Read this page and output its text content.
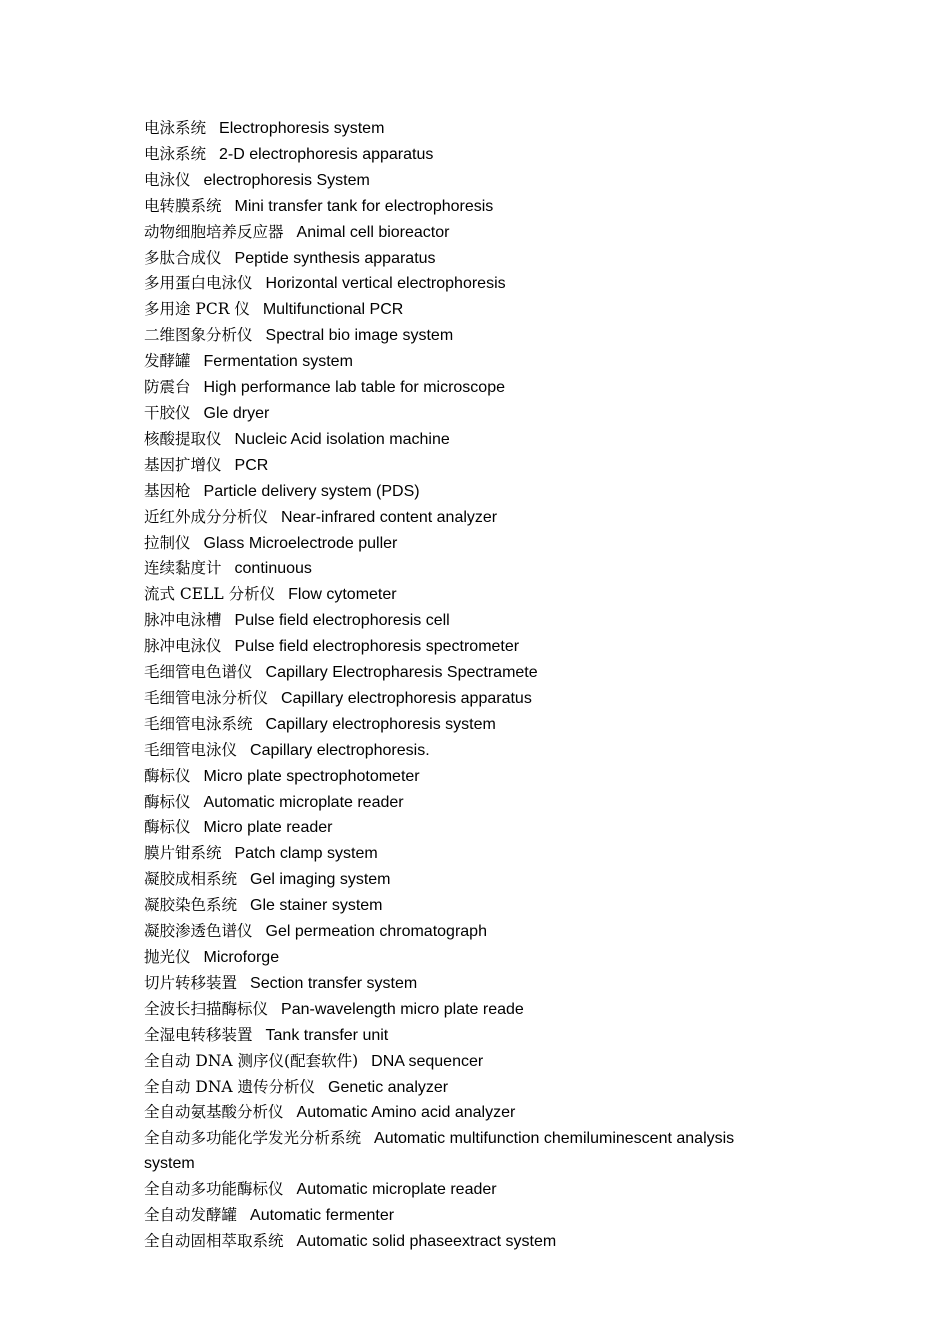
电泳系统 Electrophoresis system
电泳系统 2-D electrophoresis apparatus
电泳仪 electrophoresis System
电转膜系统 Mini transfer tank for electrophoresis
动物细胞培养反应器 Animal cell bioreactor
多肽合成仪 Peptide synthesis apparatus
多用蛋白电泳仪 Horizontal vertical electrophoresis
多用途 PCR 仪 Multifunctional PCR
二维图象分析仪 Spectral bio image system
发酵罐 Fermentation system
防震台 High performance lab table for microscope
干胶仪 Gle dryer
核酸提取仪 Nucleic Acid isolation machine
基因扩增仪 PCR
基因枪 Particle delivery system (PDS)
近红外成分分析仪 Near-infrared content analyzer
拉制仪 Glass Microelectrode puller
连续黏度计 continuous
流式 CELL 分析仪 Flow cytometer
脉冲电泳槽 Pulse field electrophoresis cell
脉冲电泳仪 Pulse field electrophoresis spectrometer
毛细管电色谱仪 Capillary Electropharesis Spectramete
毛细管电泳分析仪 Capillary electrophoresis apparatus
毛细管电泳系统 Capillary electrophoresis system
毛细管电泳仪 Capillary electrophoresis.
酶标仪 Micro plate spectrophotometer
酶标仪 Automatic microplate reader
酶标仪 Micro plate reader
膜片钳系统 Patch clamp system
凝胶成相系统 Gel imaging system
凝胶染色系统 Gle stainer system
凝胶渗透色谱仪 Gel permeation chromatograph
抛光仪 Microforge
切片转移装置 Section transfer system
全波长扫描酶标仪 Pan-wavelength micro plate reade
全湿电转移装置 Tank transfer unit
全自动 DNA 测序仪(配套软件) DNA sequencer
全自动 DNA 遗传分析仪 Genetic analyzer
全自动氨基酸分析仪 Automatic Amino acid analyzer
全自动多功能化学发光分析系统 Automatic multifunction chemiluminescent analysis system
全自动多功能酶标仪 Automatic microplate reader
全自动发酵罐 Automatic fermenter
全自动固相萃取系统 Automatic solid phaseextract system
